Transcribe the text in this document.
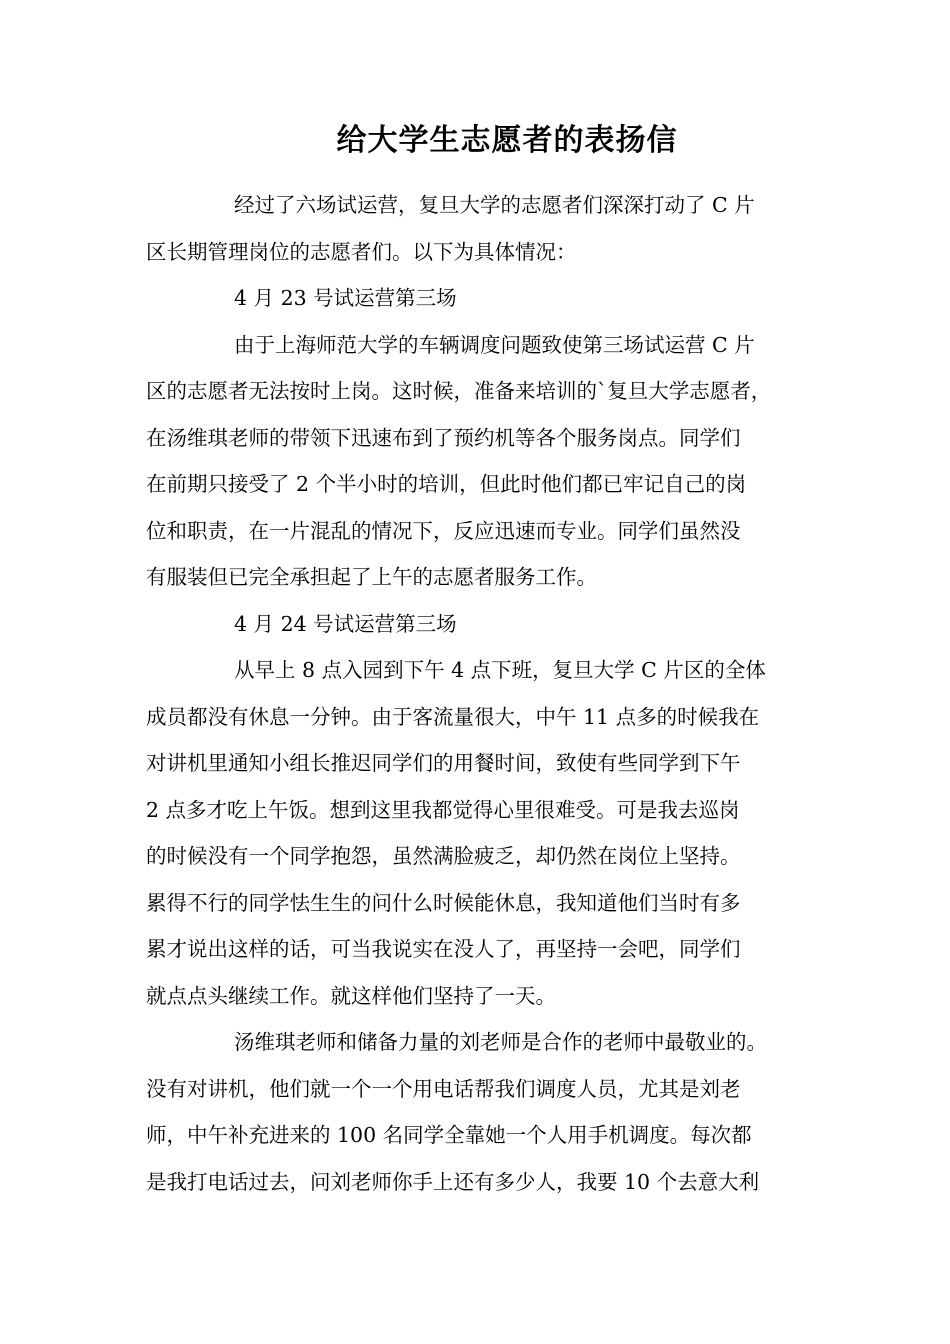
给大学生志愿者的表扬信
经过了六场试运营，复旦大学的志愿者们深深打动了 C 片
区长期管理岗位的志愿者们。以下为具体情况：
4 月 23 号试运营第三场
由于上海师范大学的车辆调度问题致使第三场试运营 C 片
区的志愿者无法按时上岗。这时候，准备来培训的`复旦大学志愿者，
在汤维琪老师的带领下迅速布到了预约机等各个服务岗点。同学们
在前期只接受了 2 个半小时的培训，但此时他们都已牢记自己的岗
位和职责，在一片混乱的情况下，反应迅速而专业。同学们虽然没
有服装但已完全承担起了上午的志愿者服务工作。
4 月 24 号试运营第三场
从早上 8 点入园到下午 4 点下班，复旦大学 C 片区的全体
成员都没有休息一分钟。由于客流量很大，中午 11 点多的时候我在
对讲机里通知小组长推迟同学们的用餐时间，致使有些同学到下午
2 点多才吃上午饭。想到这里我都觉得心里很难受。可是我去巡岗
的时候没有一个同学抱怨，虽然满脸疲乏，却仍然在岗位上坚持。
累得不行的同学怯生生的问什么时候能休息，我知道他们当时有多
累才说出这样的话，可当我说实在没人了，再坚持一会吧，同学们
就点点头继续工作。就这样他们坚持了一天。
汤维琪老师和储备力量的刘老师是合作的老师中最敬业的。
没有对讲机，他们就一个一个用电话帮我们调度人员，尤其是刘老
师，中午补充进来的 100 名同学全靠她一个人用手机调度。每次都
是我打电话过去，问刘老师你手上还有多少人，我要 10 个去意大利
